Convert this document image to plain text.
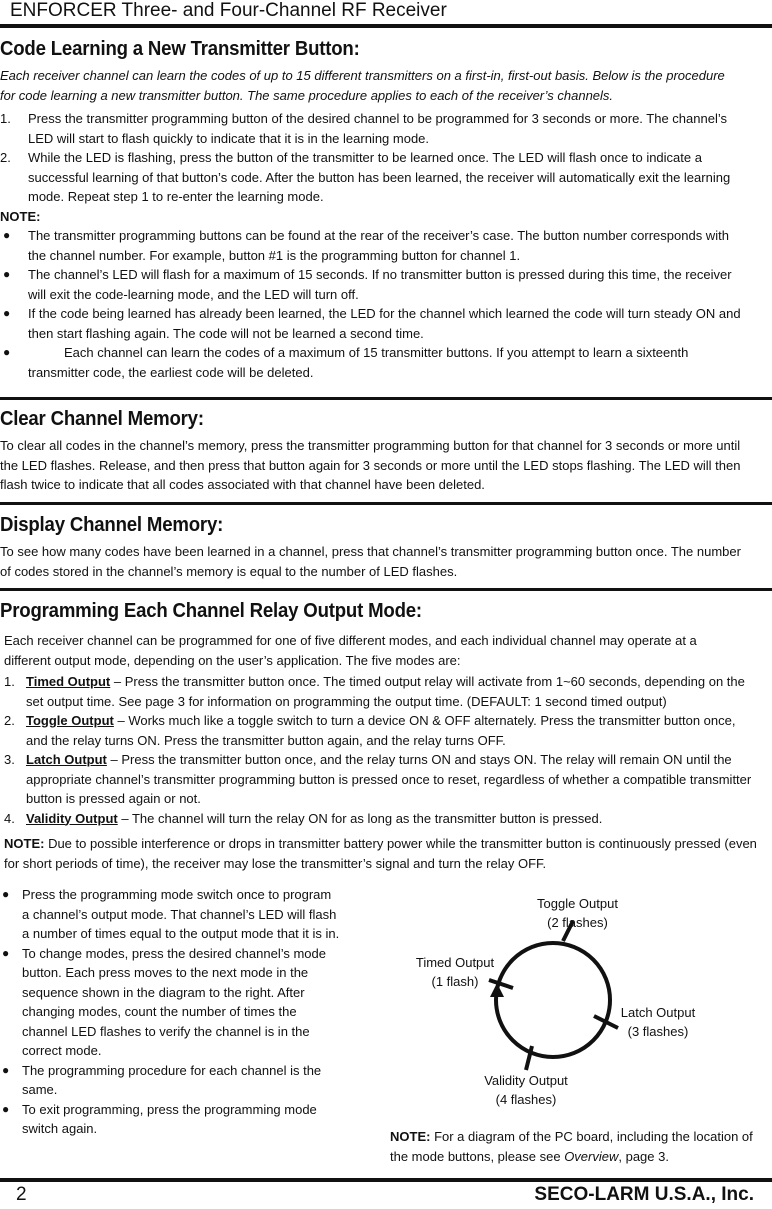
ENFORCER Three- and Four-Channel RF Receiver
Code Learning a New Transmitter Button:
Each receiver channel can learn the codes of up to 15 different transmitters on a first-in, first-out basis. Below is the procedure for code learning a new transmitter button. The same procedure applies to each of the receiver’s channels.
1. Press the transmitter programming button of the desired channel to be programmed for 3 seconds or more. The channel’s LED will start to flash quickly to indicate that it is in the learning mode.
2. While the LED is flashing, press the button of the transmitter to be learned once. The LED will flash once to indicate a successful learning of that button’s code. After the button has been learned, the receiver will automatically exit the learning mode. Repeat step 1 to re-enter the learning mode.
NOTE:
● The transmitter programming buttons can be found at the rear of the receiver’s case. The button number corresponds with the channel number. For example, button #1 is the programming button for channel 1.
● The channel’s LED will flash for a maximum of 15 seconds. If no transmitter button is pressed during this time, the receiver will exit the code-learning mode, and the LED will turn off.
● If the code being learned has already been learned, the LED for the channel which learned the code will turn steady ON and then start flashing again. The code will not be learned a second time.
●	Each channel can learn the codes of a maximum of 15 transmitter buttons. If you attempt to learn a sixteenth transmitter code, the earliest code will be deleted.
Clear Channel Memory:
To clear all codes in the channel’s memory, press the transmitter programming button for that channel for 3 seconds or more until the LED flashes. Release, and then press that button again for 3 seconds or more until the LED stops flashing. The LED will then flash twice to indicate that all codes associated with that channel have been deleted.
Display Channel Memory:
To see how many codes have been learned in a channel, press that channel’s transmitter programming button once. The number of codes stored in the channel’s memory is equal to the number of LED flashes.
Programming Each Channel Relay Output Mode:
Each receiver channel can be programmed for one of five different modes, and each individual channel may operate at a different output mode, depending on the user’s application. The five modes are:
1. Timed Output – Press the transmitter button once. The timed output relay will activate from 1~60 seconds, depending on the set output time. See page 3 for information on programming the output time. (DEFAULT: 1 second timed output)
2. Toggle Output – Works much like a toggle switch to turn a device ON & OFF alternately. Press the transmitter button once, and the relay turns ON. Press the transmitter button again, and the relay turns OFF.
3. Latch Output – Press the transmitter button once, and the relay turns ON and stays ON. The relay will remain ON until the appropriate channel’s transmitter programming button is pressed once to reset, regardless of whether a compatible transmitter button is pressed again or not.
4. Validity Output – The channel will turn the relay ON for as long as the transmitter button is pressed.
NOTE: Due to possible interference or drops in transmitter battery power while the transmitter button is continuously pressed (even for short periods of time), the receiver may lose the transmitter’s signal and turn the relay OFF.
● Press the programming mode switch once to program a channel’s output mode. That channel’s LED will flash a number of times equal to the output mode that it is in.
● To change modes, press the desired channel’s mode button. Each press moves to the next mode in the sequence shown in the diagram to the right. After changing modes, count the number of times the channel LED flashes to verify the channel is in the correct mode.
● The programming procedure for each channel is the same.
● To exit programming, press the programming mode switch again.
Toggle Output
(2 flashes)
Timed Output
(1 flash)
Latch Output
(3 flashes)
Validity Output
(4 flashes)
NOTE: For a diagram of the PC board, including the location of the mode buttons, please see Overview, page 3.
2	SECO-LARM U.S.A., Inc.
